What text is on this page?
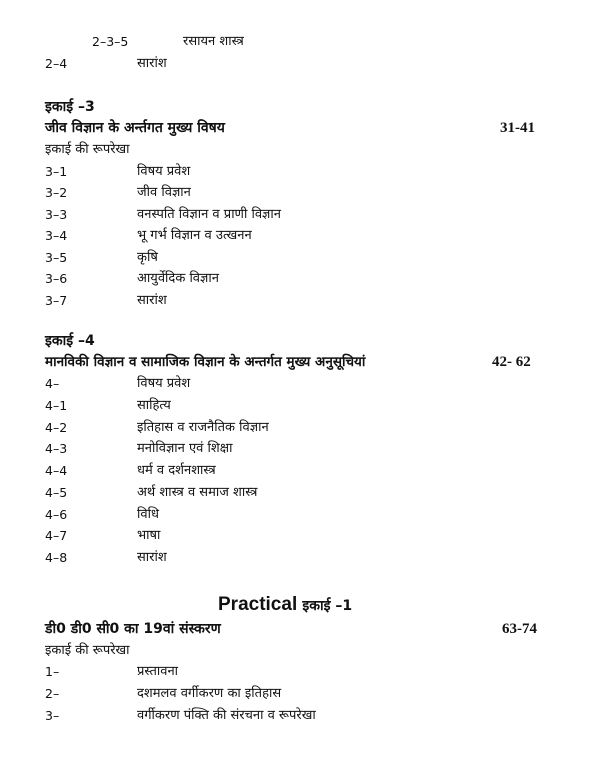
2–3–5	रसायन शास्त्र
2–4	सारांश
इकाई –3
जीव विज्ञान के अर्न्तगत मुख्य विषय	31-41
इकाई की रूपरेखा
3–1	विषय प्रवेश
3–2	जीव विज्ञान
3–3	वनस्पति विज्ञान व प्राणी विज्ञान
3–4	भू गर्भ विज्ञान व उत्खनन
3–5	कृषि
3–6	आयुर्वेदिक विज्ञान
3–7	सारांश
इकाई –4
मानविकी विज्ञान व सामाजिक विज्ञान के अन्तर्गत मुख्य अनुसूचियां	42- 62
4–	विषय प्रवेश
4–1	साहित्य
4–2	इतिहास व राजनैतिक विज्ञान
4–3	मनोविज्ञान एवं शिक्षा
4–4	धर्म व दर्शनशास्त्र
4–5	अर्थ शास्त्र व समाज शास्त्र
4–6	विधि
4–7	भाषा
4–8	सारांश
Practical इकाई –1
डी0 डी0 सी0 का 19वां संस्करण	63-74
इकाई की रूपरेखा
1–	प्रस्तावना
2–	दशमलव वर्गीकरण का इतिहास
3–	वर्गीकरण पंक्ति की संरचना व रूपरेखा
